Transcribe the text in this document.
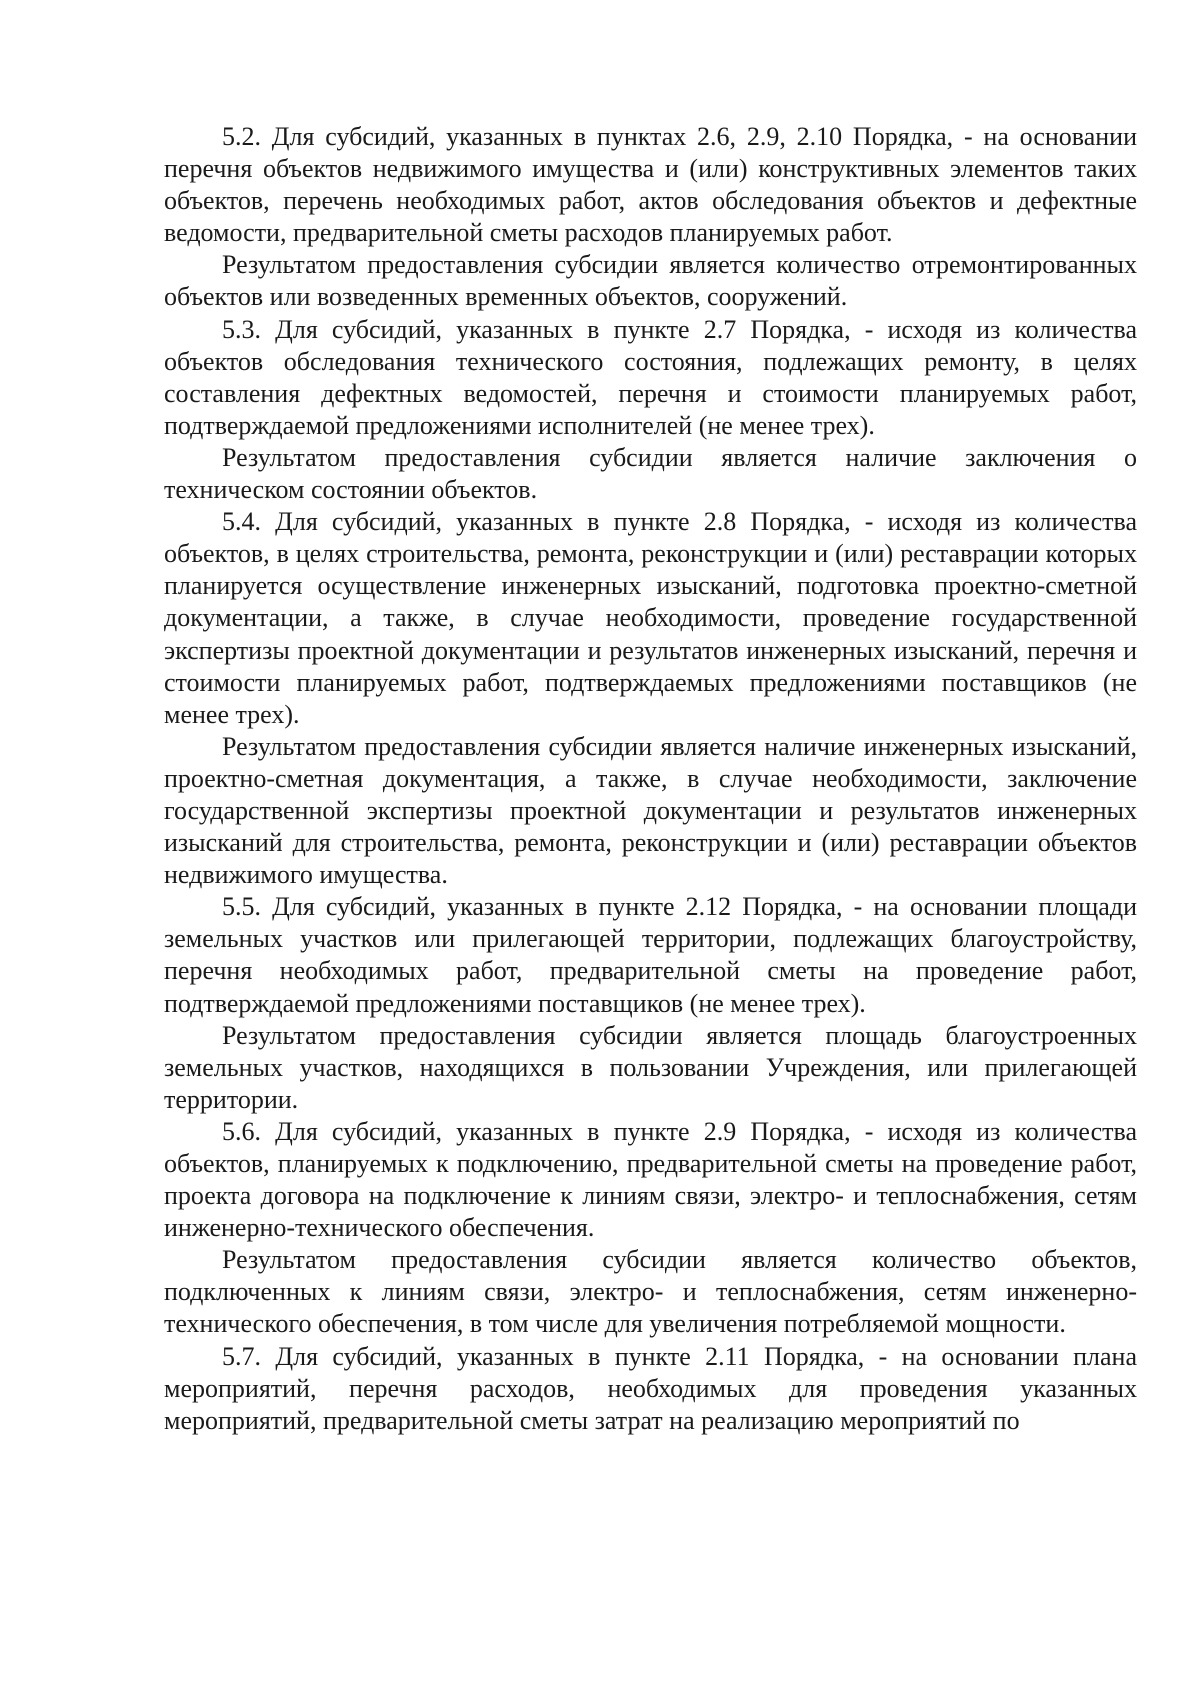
5.2. Для субсидий, указанных в пунктах 2.6, 2.9, 2.10 Порядка, - на основании перечня объектов недвижимого имущества и (или) конструктивных элементов таких объектов, перечень необходимых работ, актов обследования объектов и дефектные ведомости, предварительной сметы расходов планируемых работ.

Результатом предоставления субсидии является количество отремонтированных объектов или возведенных временных объектов, сооружений.

5.3. Для субсидий, указанных в пункте 2.7 Порядка, - исходя из количества объектов обследования технического состояния, подлежащих ремонту, в целях составления дефектных ведомостей, перечня и стоимости планируемых работ, подтверждаемой предложениями исполнителей (не менее трех).

Результатом предоставления субсидии является наличие заключения о техническом состоянии объектов.

5.4. Для субсидий, указанных в пункте 2.8 Порядка, - исходя из количества объектов, в целях строительства, ремонта, реконструкции и (или) реставрации которых планируется осуществление инженерных изысканий, подготовка проектно-сметной документации, а также, в случае необходимости, проведение государственной экспертизы проектной документации и результатов инженерных изысканий, перечня и стоимости планируемых работ, подтверждаемых предложениями поставщиков (не менее трех).

Результатом предоставления субсидии является наличие инженерных изысканий, проектно-сметная документация, а также, в случае необходимости, заключение государственной экспертизы проектной документации и результатов инженерных изысканий для строительства, ремонта, реконструкции и (или) реставрации объектов недвижимого имущества.

5.5. Для субсидий, указанных в пункте 2.12 Порядка, - на основании площади земельных участков или прилегающей территории, подлежащих благоустройству, перечня необходимых работ, предварительной сметы на проведение работ, подтверждаемой предложениями поставщиков (не менее трех).

Результатом предоставления субсидии является площадь благоустроенных земельных участков, находящихся в пользовании Учреждения, или прилегающей территории.

5.6. Для субсидий, указанных в пункте 2.9 Порядка, - исходя из количества объектов, планируемых к подключению, предварительной сметы на проведение работ, проекта договора на подключение к линиям связи, электро- и теплоснабжения, сетям инженерно-технического обеспечения.

Результатом предоставления субсидии является количество объектов, подключенных к линиям связи, электро- и теплоснабжения, сетям инженерно-технического обеспечения, в том числе для увеличения потребляемой мощности.

5.7. Для субсидий, указанных в пункте 2.11 Порядка, - на основании плана мероприятий, перечня расходов, необходимых для проведения указанных мероприятий, предварительной сметы затрат на реализацию мероприятий по
